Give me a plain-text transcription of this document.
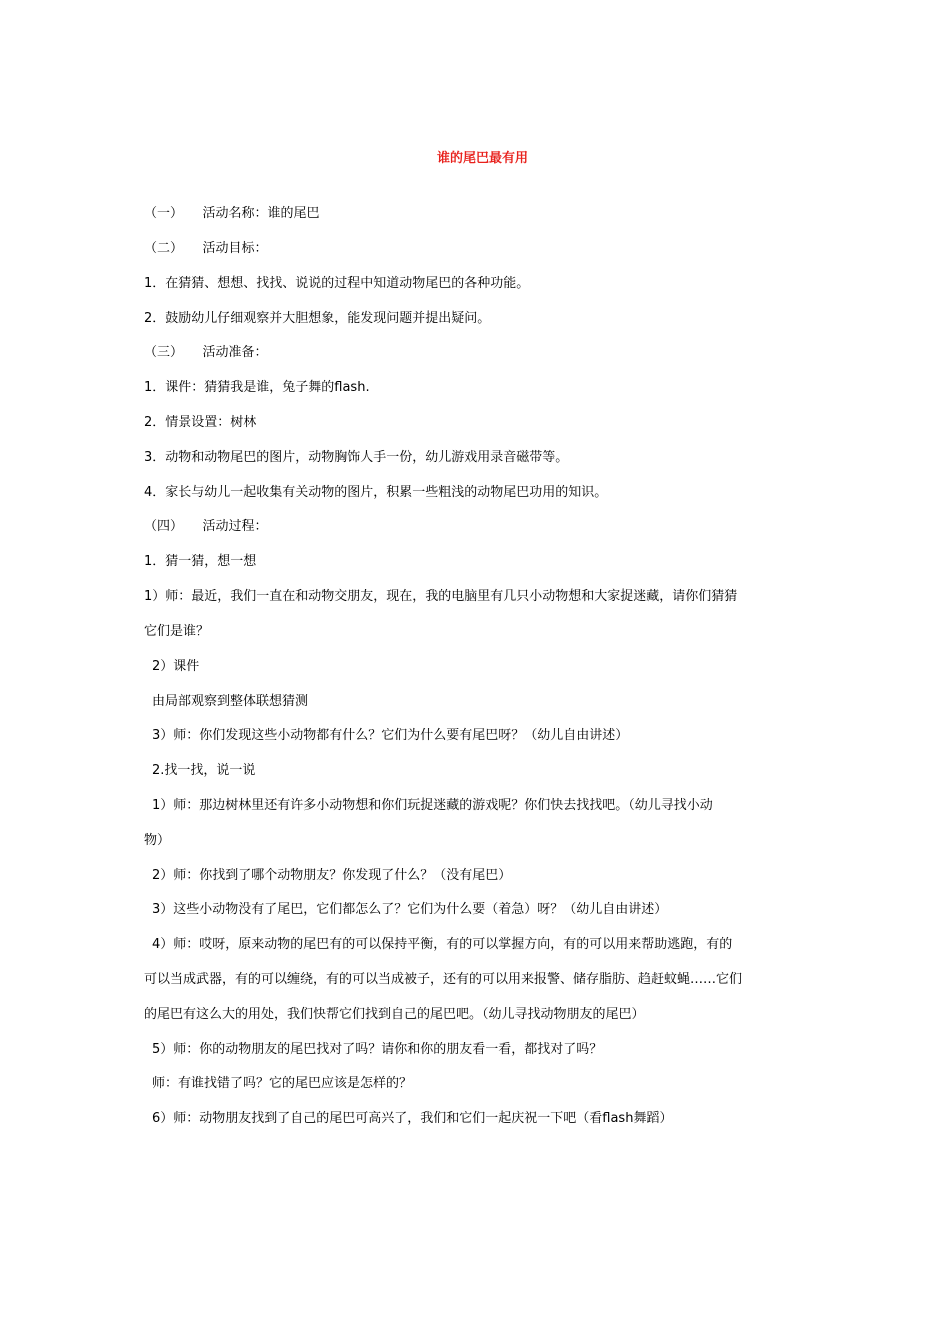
谁的尾巴最有用
（一）　　活动名称：谁的尾巴
（二）　　活动目标：
1．在猜猜、想想、找找、说说的过程中知道动物尾巴的各种功能。
2．鼓励幼儿仔细观察并大胆想象，能发现问题并提出疑问。
（三）　　活动准备：
1．课件：猜猜我是谁，兔子舞的flash.
2．情景设置：树林
3．动物和动物尾巴的图片，动物胸饰人手一份，幼儿游戏用录音磁带等。
4．家长与幼儿一起收集有关动物的图片，积累一些粗浅的动物尾巴功用的知识。
（四）　　活动过程：
1．猜一猜，想一想
1）师：最近，我们一直在和动物交朋友，现在，我的电脑里有几只小动物想和大家捉迷藏，请你们猜猜
它们是谁？
2）课件
由局部观察到整体联想猜测
3）师：你们发现这些小动物都有什么？它们为什么要有尾巴呀？（幼儿自由讲述）
2.找一找，说一说
1）师：那边树林里还有许多小动物想和你们玩捉迷藏的游戏呢？你们快去找找吧。（幼儿寻找小动
物）
2）师：你找到了哪个动物朋友？你发现了什么？（没有尾巴）
3）这些小动物没有了尾巴，它们都怎么了？它们为什么要（着急）呀？（幼儿自由讲述）
4）师：哎呀，原来动物的尾巴有的可以保持平衡，有的可以掌握方向，有的可以用来帮助逃跑，有的
可以当成武器，有的可以缠绕，有的可以当成被子，还有的可以用来报警、储存脂肪、趋赶蚊蝇……它们
的尾巴有这么大的用处，我们快帮它们找到自己的尾巴吧。（幼儿寻找动物朋友的尾巴）
5）师：你的动物朋友的尾巴找对了吗？请你和你的朋友看一看，都找对了吗？
师：有谁找错了吗？它的尾巴应该是怎样的？
6）师：动物朋友找到了自己的尾巴可高兴了，我们和它们一起庆祝一下吧（看flash舞蹈）
